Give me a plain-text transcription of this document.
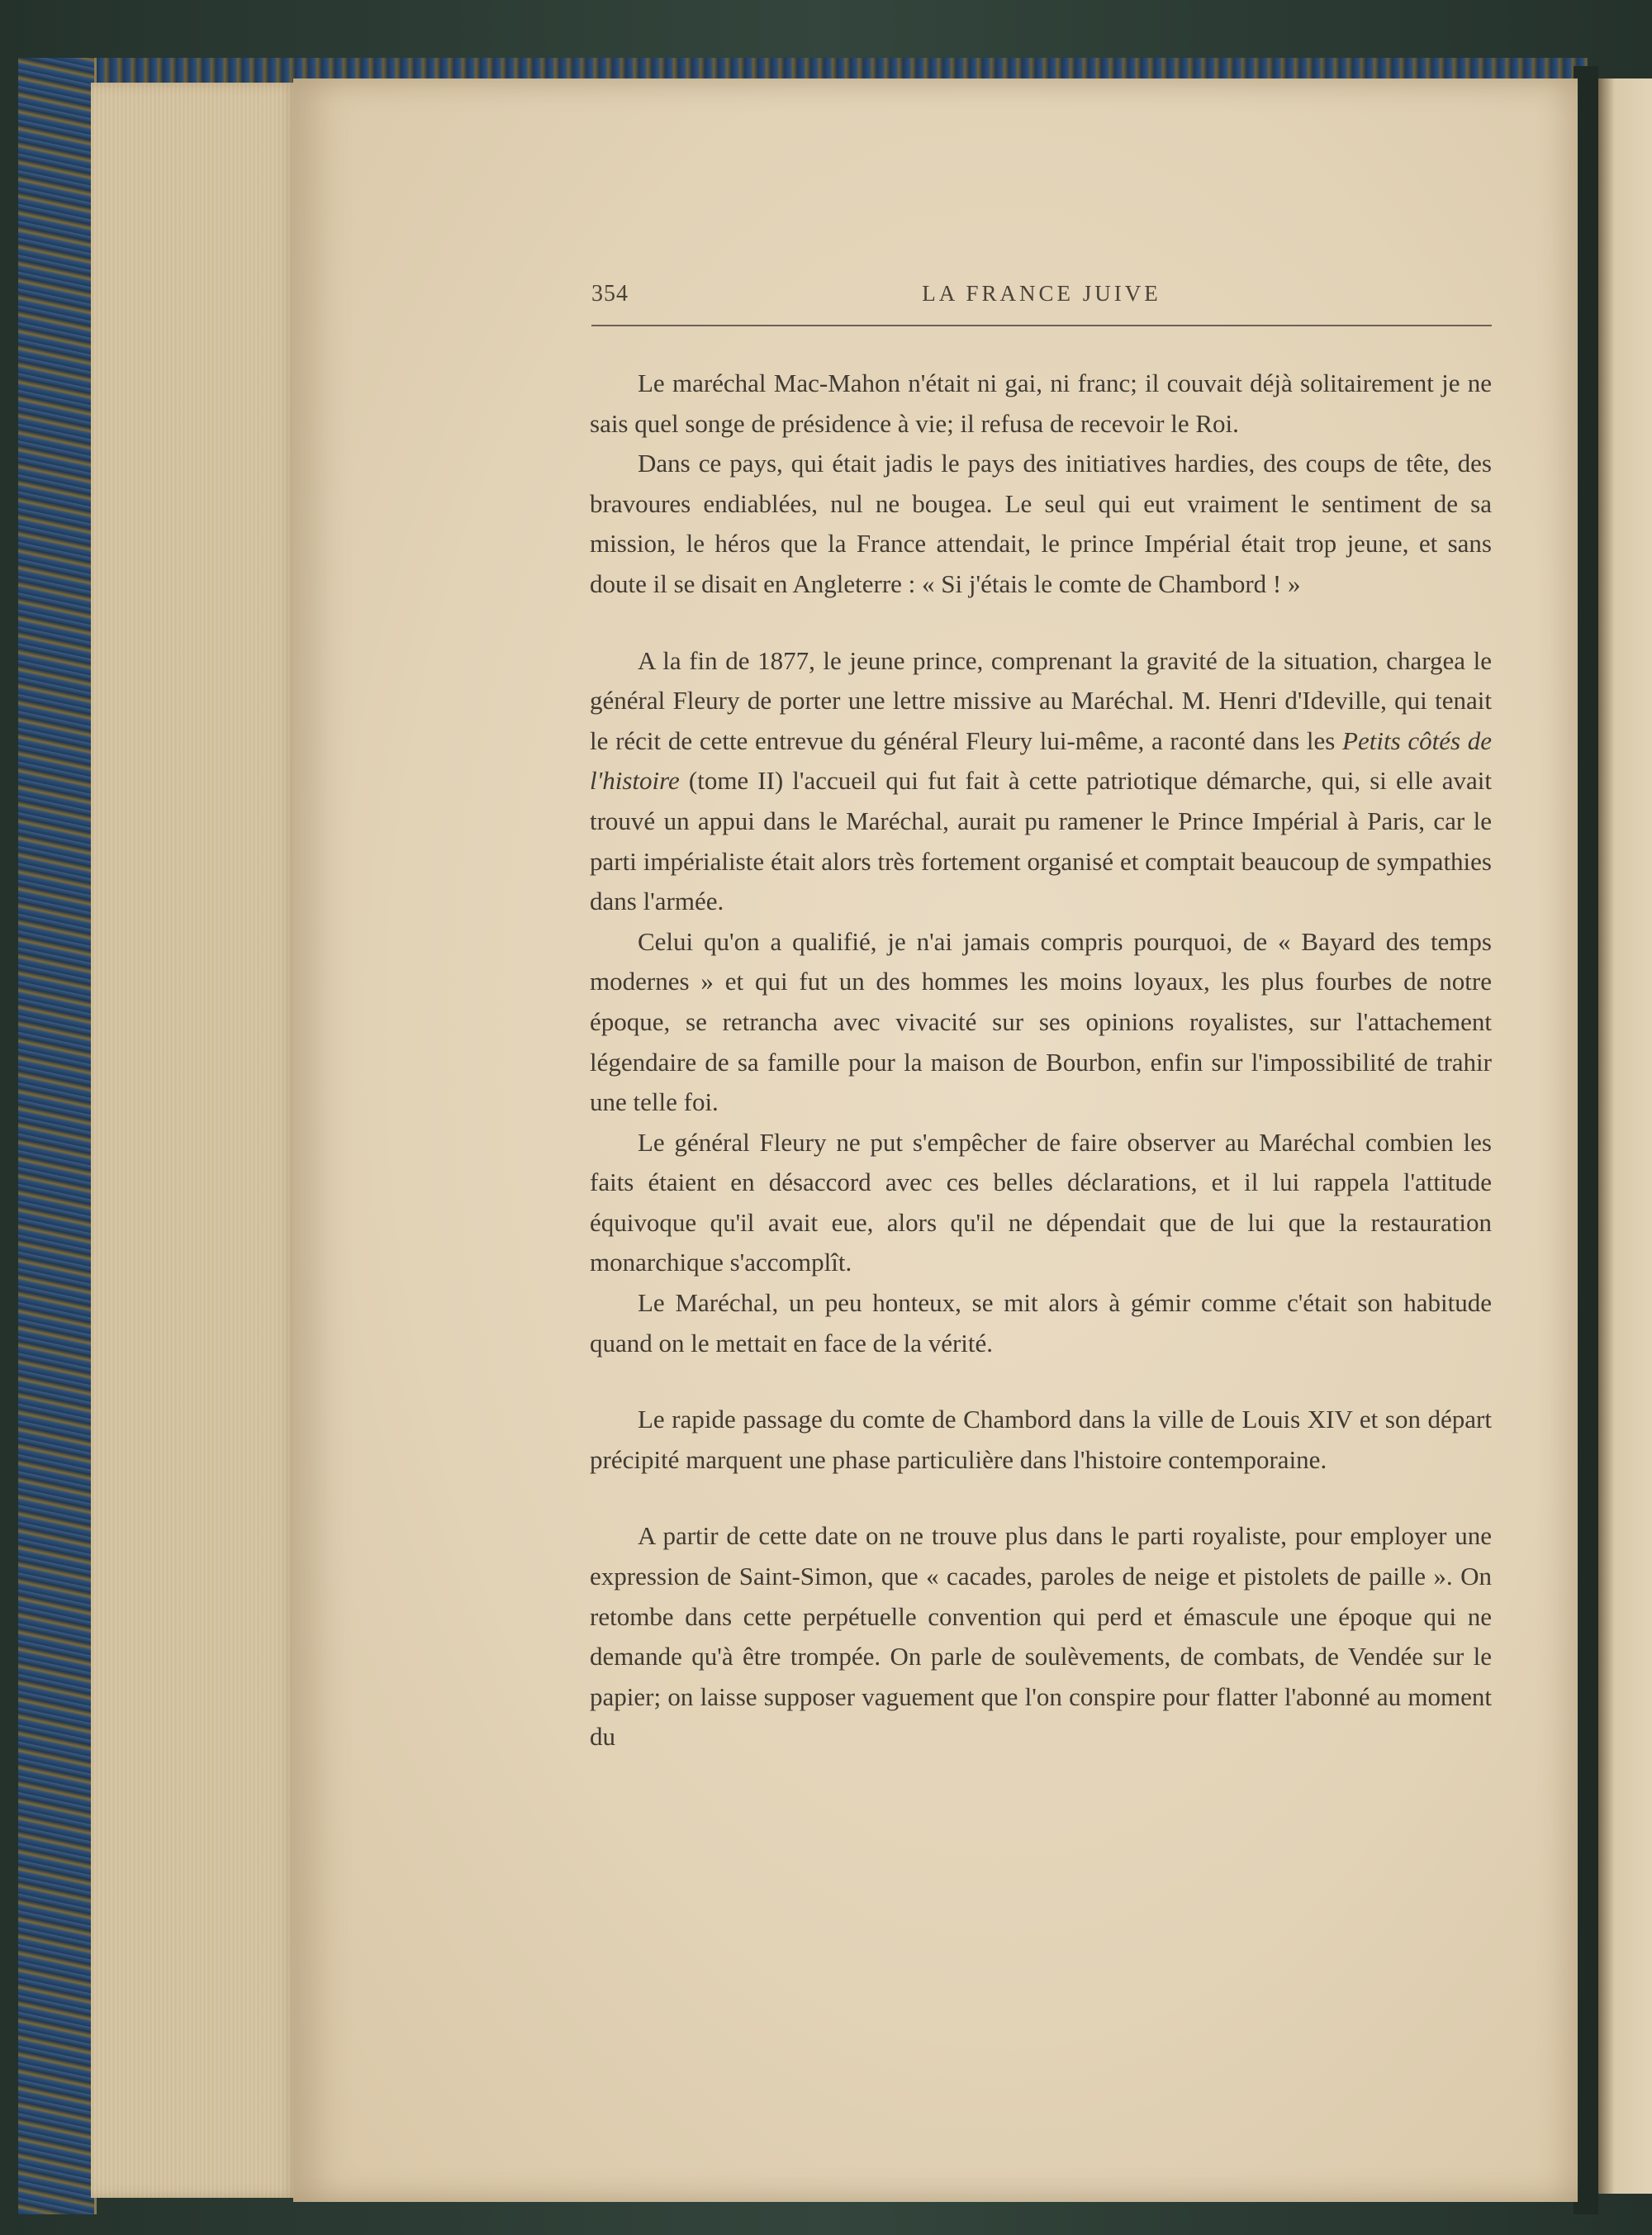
354	LA FRANCE JUIVE

Le maréchal Mac-Mahon n'était ni gai, ni franc; il couvait déjà solitairement je ne sais quel songe de présidence à vie; il refusa de recevoir le Roi.

Dans ce pays, qui était jadis le pays des initiatives hardies, des coups de tête, des bravoures endiablées, nul ne bougea. Le seul qui eut vraiment le sentiment de sa mission, le héros que la France attendait, le prince Impérial était trop jeune, et sans doute il se disait en Angleterre : « Si j'étais le comte de Chambord ! »

A la fin de 1877, le jeune prince, comprenant la gravité de la situation, chargea le général Fleury de porter une lettre missive au Maréchal. M. Henri d'Ideville, qui tenait le récit de cette entrevue du général Fleury lui-même, a raconté dans les Petits côtés de l'histoire (tome II) l'accueil qui fut fait à cette patriotique démarche, qui, si elle avait trouvé un appui dans le Maréchal, aurait pu ramener le Prince Impérial à Paris, car le parti impérialiste était alors très fortement organisé et comptait beaucoup de sympathies dans l'armée.

Celui qu'on a qualifié, je n'ai jamais compris pourquoi, de « Bayard des temps modernes » et qui fut un des hommes les moins loyaux, les plus fourbes de notre époque, se retrancha avec vivacité sur ses opinions royalistes, sur l'attachement légendaire de sa famille pour la maison de Bourbon, enfin sur l'impossibilité de trahir une telle foi.

Le général Fleury ne put s'empêcher de faire observer au Maréchal combien les faits étaient en désaccord avec ces belles déclarations, et il lui rappela l'attitude équivoque qu'il avait eue, alors qu'il ne dépendait que de lui que la restauration monarchique s'accomplît.

Le Maréchal, un peu honteux, se mit alors à gémir comme c'était son habitude quand on le mettait en face de la vérité.

Le rapide passage du comte de Chambord dans la ville de Louis XIV et son départ précipité marquent une phase particulière dans l'histoire contemporaine.

A partir de cette date on ne trouve plus dans le parti royaliste, pour employer une expression de Saint-Simon, que « cacades, paroles de neige et pistolets de paille ». On retombe dans cette perpétuelle convention qui perd et émascule une époque qui ne demande qu'à être trompée. On parle de soulèvements, de combats, de Vendée sur le papier; on laisse supposer vaguement que l'on conspire pour flatter l'abonné au moment du
